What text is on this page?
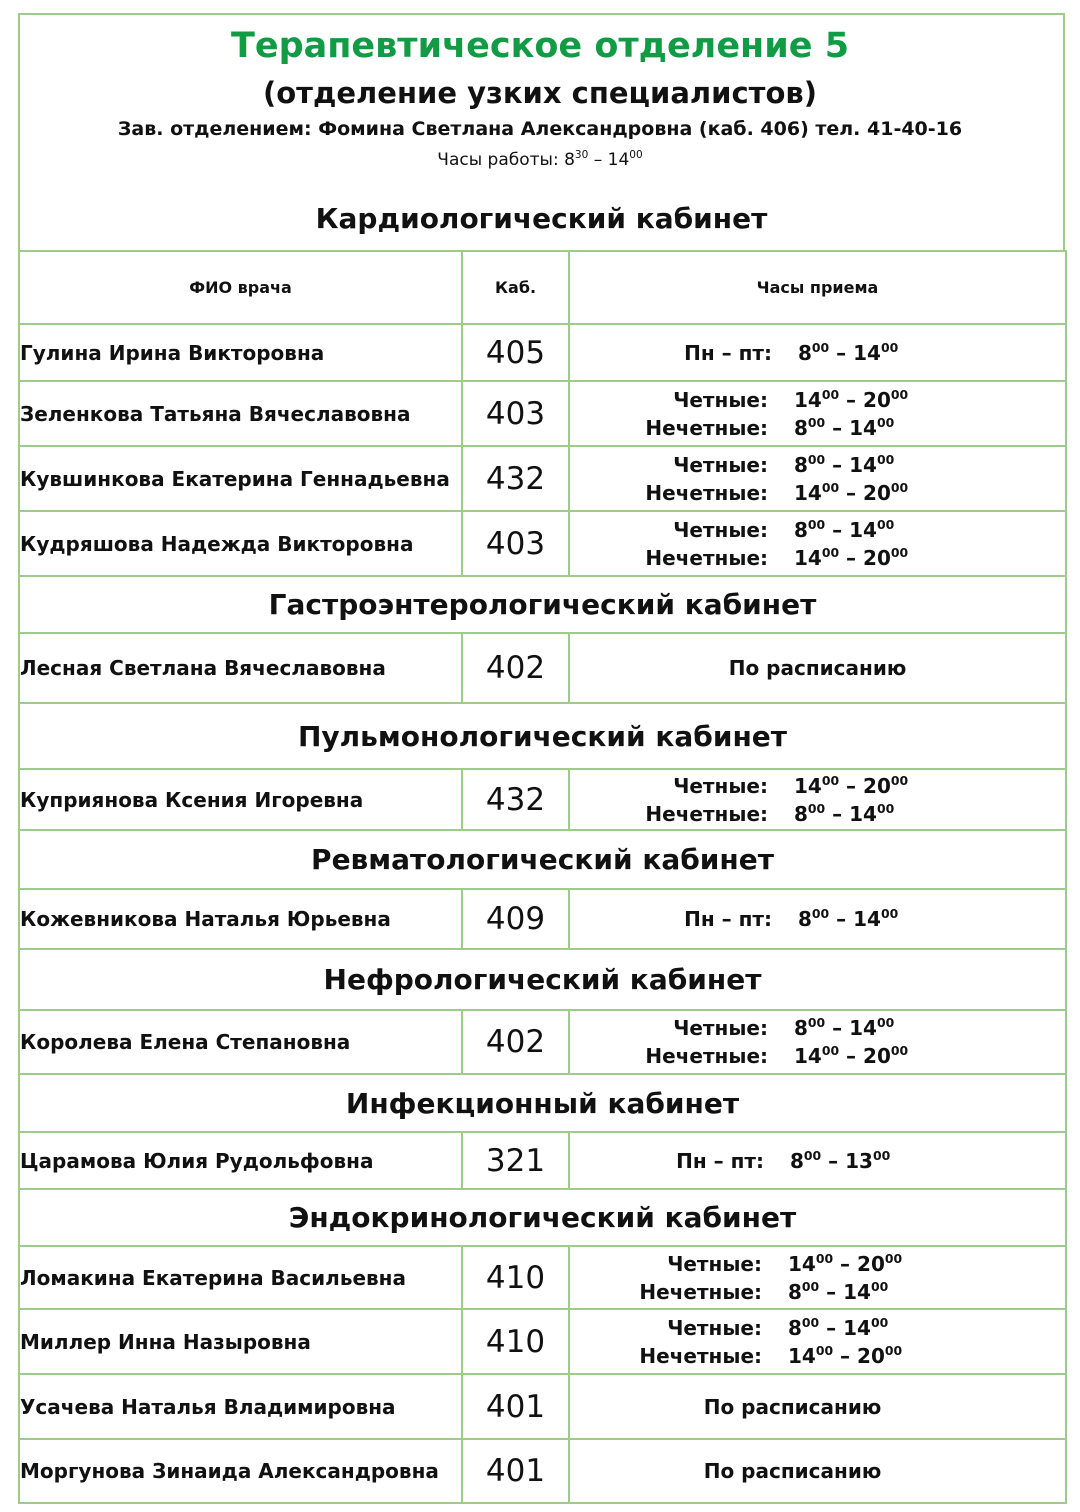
Терапевтическое отделение 5
(отделение узких специалистов)
Зав. отделением: Фомина Светлана Александровна (каб. 406) тел. 41-40-16
Часы работы: $8^{30} - 14^{00}$
Кардиологический кабинет
ФИО врача	Каб.	Часы приема
Гулина Ирина Викторовна	405	Пн – пт: $8^{00} - 14^{00}$

Зеленкова Татьяна Вячеславовна	403	Четные: $14^{00} - 20^{00}$
Нечетные: $8^{00} - 14^{00}$

Кувшинкова Екатерина Геннадьевна	432	Четные: $8^{00} - 14^{00}$
Нечетные: $14^{00} - 20^{00}$

Кудряшова Надежда Викторовна	403	Четные: $8^{00} - 14^{00}$
Нечетные: $14^{00} - 20^{00}$

Гастроэнтерологический кабинет		
Лесная Светлана Вячеславовна	402	По расписанию

Пульмонологический кабинет		
Куприянова Ксения Игоревна	432	Четные: $14^{00} - 20^{00}$
Нечетные: $8^{00} - 14^{00}$

Ревматологический кабинет		
Кожевникова Наталья Юрьевна	409	Пн – пт: $8^{00} - 14^{00}$

Нефрологический кабинет		
Королева Елена Степановна	402	Четные: $8^{00} - 14^{00}$
Нечетные: $14^{00} - 20^{00}$

Инфекционный кабинет		
Царамова Юлия Рудольфовна	321	Пн – пт: $8^{00} - 13^{00}$

Эндокринологический кабинет		
Ломакина Екатерина Васильевна	410	Четные: $14^{00} - 20^{00}$
Нечетные: $8^{00} - 14^{00}$

Миллер Инна Назыровна	410	Четные: $8^{00} - 14^{00}$
Нечетные: $14^{00} - 20^{00}$

Усачева Наталья Владимировна	401	По расписанию

Моргунова Зинаида Александровна	401	По расписанию
